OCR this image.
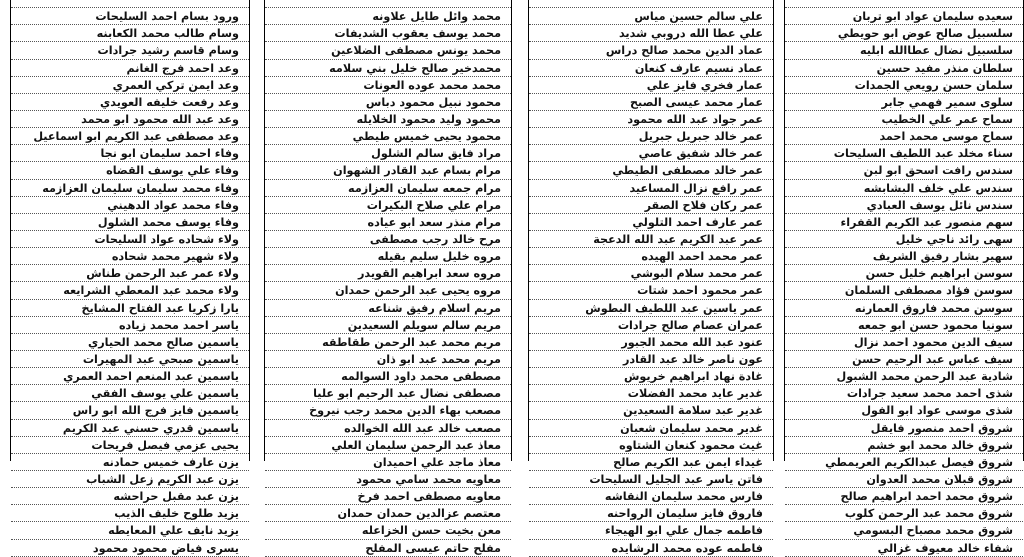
سعيده سليمان عواد ابو تربان
سلسبيل صالح عوض ابو حويطي
سلسبيل نضال عطاالله ابليه
سلطان منذر مفيد حسين
سلمان حسن رويعي الجمدات
سلوى سمير فهمي جابر
سماح عمر علي الخطيب
سماح موسى محمد احمد
سناء مخلد عبد اللطيف السليحات
سندس رافت اسحق ابو لبن
سندس علي خلف البشابشه
سندس نائل يوسف العبادي
سهم منصور عبد الكريم القفراء
سهى رائد ناجي خليل
سهير بشار رفيق الشريف
سوسن ابراهيم خليل حسن
سوسن فؤاد مصطفى السلمان
سوسن محمد فاروق العمارنه
سونيا محمود حسن ابو جمعه
سيف الدين محمود احمد نزال
سيف عباس عبد الرحيم حسن
شادية عبد الرحمن محمد الشبول
شذى احمد محمد سعيد جرادات
شذى موسى عواد ابو الفول
شروق احمد منصور فايقل
شروق خالد محمد ابو خشم
شروق فيصل عبدالكريم العريمطي
شروق قبلان محمد العدوان
شروق محمد احمد ابراهيم صالح
شروق محمد عبد الرحمن كلوب
شروق محمد مصباح البسومي
شفاء خالد معيوف غزالي
علي سالم حسين مياس
علي عطا الله دروبي شديد
عماد الدين محمد صالح دراس
عماد نسيم عارف كنعان
عمار فخري فايز علي
عمار محمد عيسى الصبح
عمر جواد عبد الله محمود
عمر خالد جبريل جبريل
عمر خالد شفيق عاصي
عمر خالد مصطفى الطيطي
عمر رافع نزال المساعيد
عمر ركان فلاح الصقر
عمر عارف احمد التلولي
عمر عبد الكريم عبد الله الدعجة
عمر محمد احمد الهيده
عمر محمد سلام البوشي
عمر محمود احمد شتات
عمر ياسين عبد اللطيف البطوش
عمران عصام صالح جرادات
عنود عبد الله محمد الجبور
عون ناصر خالد عبد القادر
غادة نهاد ابراهيم خريوش
غدير عايد محمد الفضلات
غدير عبد سلامة السعيدين
غدير محمد سليمان شعبان
غيث محمود كنعان الشتاوه
غيداء ايمن عبد الكريم صالح
فاتن ياسر عبد الجليل السليحات
فارس محمد سليمان النقاشه
فاروق فايز سليمان الرواحنه
فاطمه جمال علي ابو الهيجاء
فاطمه عوده محمد الرشايده
محمد وائل طايل علاونه
محمد يوسف يعقوب الشديفات
محمد يونس مصطفى الضلاعين
محمدخير صالح خليل بني سلامه
محمد محمد عوده العونات
محمود نبيل محمود دباس
محمود وليد محمود الخلايله
محمود يحيى خميس طيطي
مراد فايق سالم الشلول
مرام بسام عبد القادر الشهوان
مرام جمعه سليمان العزازمه
مرام علي صلاح البكيرات
مرام منذر سعد ابو عياده
مرح خالد رجب مصطفى
مروه خليل سليم بقيله
مروه سعد ابراهيم القويدر
مروه يحيى عبد الرحمن حمدان
مريم اسلام رفيق شناعه
مريم سالم سويلم السعيدين
مريم محمد عبد الرحمن طقاطقه
مريم محمد عبد ابو ذان
مصطفى محمد داود السوالمه
مصطفى نضال عبد الرحيم ابو عليا
مصعب بهاء الدين محمد رجب نيروخ
مصعب خالد عبد الله الخوالده
معاذ عبد الرحمن سليمان العلي
معاذ ماجد علي احميدان
معاويه محمد سامي محمود
معاويه مصطفى احمد فرخ
معتصم عزالدين حمدان حمدان
معن بخيت حسن الخزاعله
مفلح حاتم عيسى المفلح
ورود بسام احمد السليحات
وسام طالب محمد الكعابنه
وسام قاسم رشيد جرادات
وعد احمد فرج الغانم
وعد ايمن تركي العمري
وعد رفعت خليفه العويدي
وعد عبد الله محمود ابو محمد
وعد مصطفى عبد الكريم ابو اسماعيل
وفاء احمد سليمان ابو نجا
وفاء علي يوسف القضاه
وفاء محمد سليمان سليمان العزازمه
وفاء محمد عواد الدهيني
وفاء يوسف محمد الشلول
ولاء شحاده عواد السليحات
ولاء شهير محمد شحاده
ولاء عمر عبد الرحمن طناش
ولاء محمد عبد المعطي الشرايعه
يارا زكريا عبد الفتاح المشايخ
ياسر احمد محمد زياده
ياسمين صالح محمد الحياري
ياسمين صبحي عبد المهيرات
ياسمين عبد المنعم احمد العمري
ياسمين علي يوسف الفقي
ياسمين فايز فرج الله ابو راس
ياسمين قدري حسني عبد الكريم
يحيى عزمي فيصل فريحات
يزن عارف خميس حمادنه
يزن عبد الكريم زعل الشباب
يزن عبد مقبل حراحشه
يزيد طلوح خليف الذيب
يزيد نايف علي المعايطه
يسرى فياض محمود محمود
